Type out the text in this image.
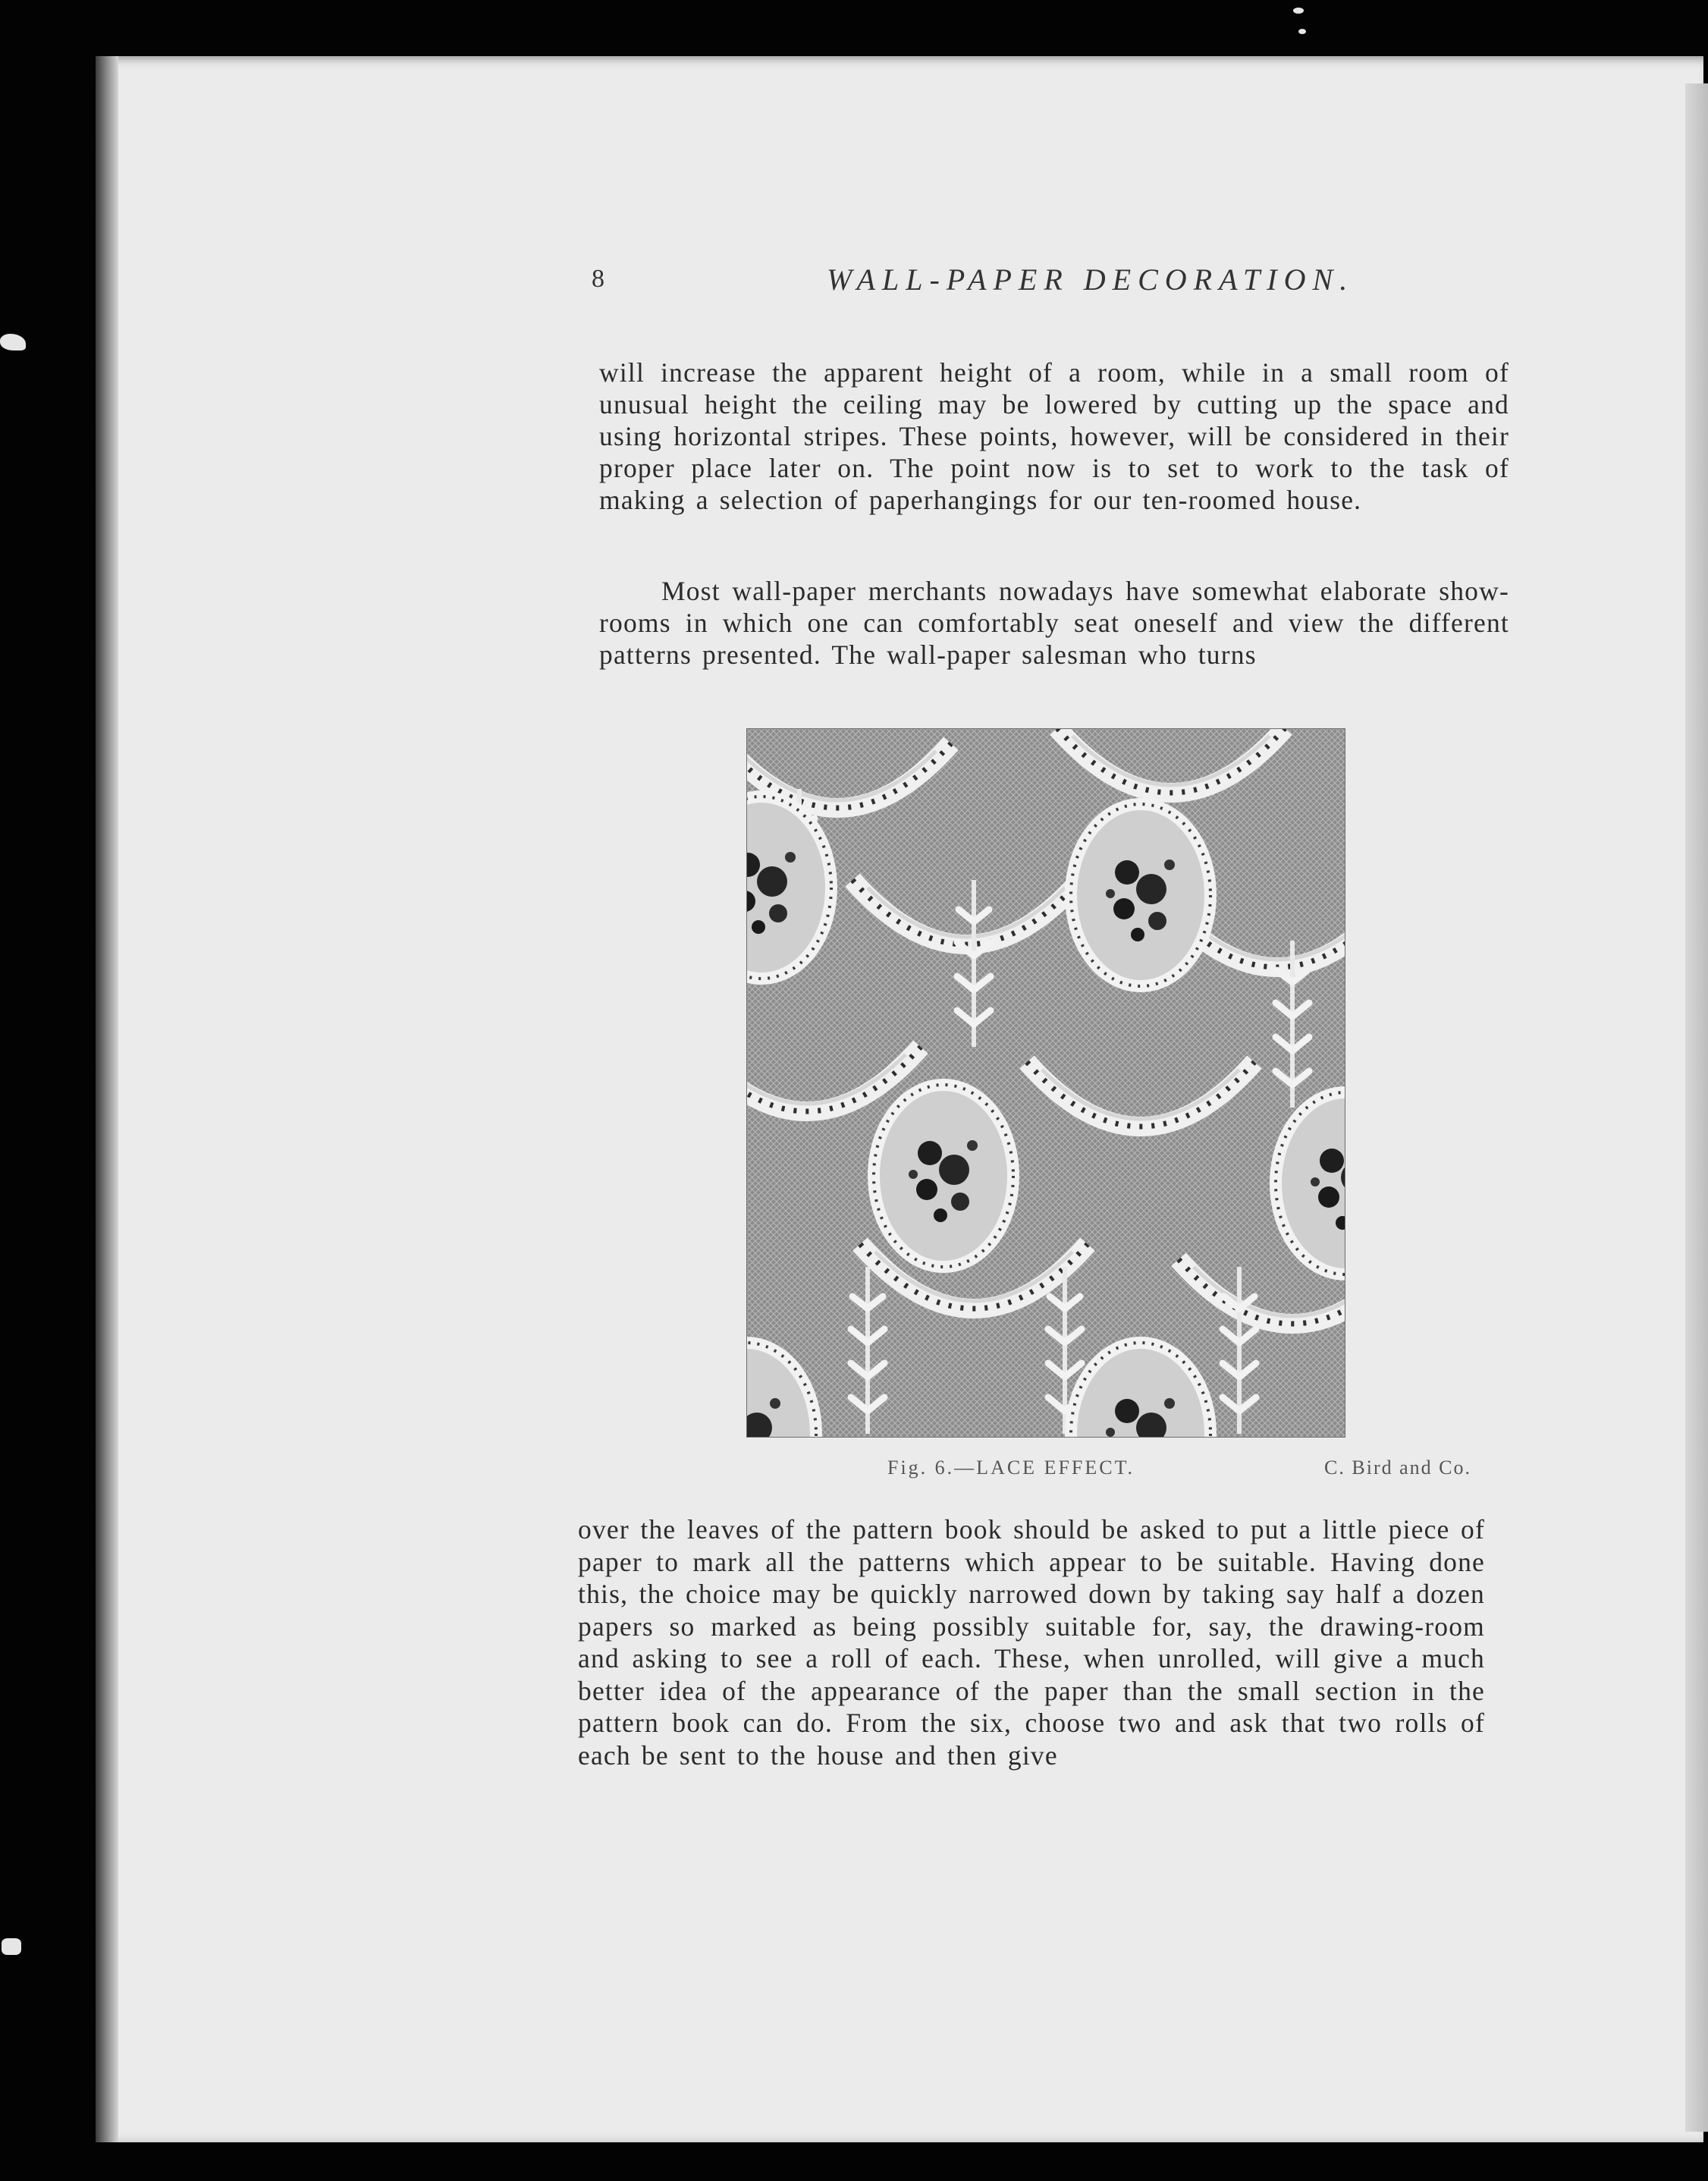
8	WALL-PAPER DECORATION.

will increase the apparent height of a room, while in a small room of unusual height the ceiling may be lowered by cutting up the space and using horizontal stripes. These points, however, will be considered in their proper place later on. The point now is to set to work to the task of making a selection of paperhangings for our ten-roomed house.

Most wall-paper merchants nowadays have somewhat elaborate show-rooms in which one can comfortably seat oneself and view the different patterns presented. The wall-paper salesman who turns

Fig. 6.—LACE EFFECT.	C. Bird and Co.

over the leaves of the pattern book should be asked to put a little piece of paper to mark all the patterns which appear to be suitable. Having done this, the choice may be quickly narrowed down by taking say half a dozen papers so marked as being possibly suitable for, say, the drawing-room and asking to see a roll of each. These, when unrolled, will give a much better idea of the appearance of the paper than the small section in the pattern book can do. From the six, choose two and ask that two rolls of each be sent to the house and then give
